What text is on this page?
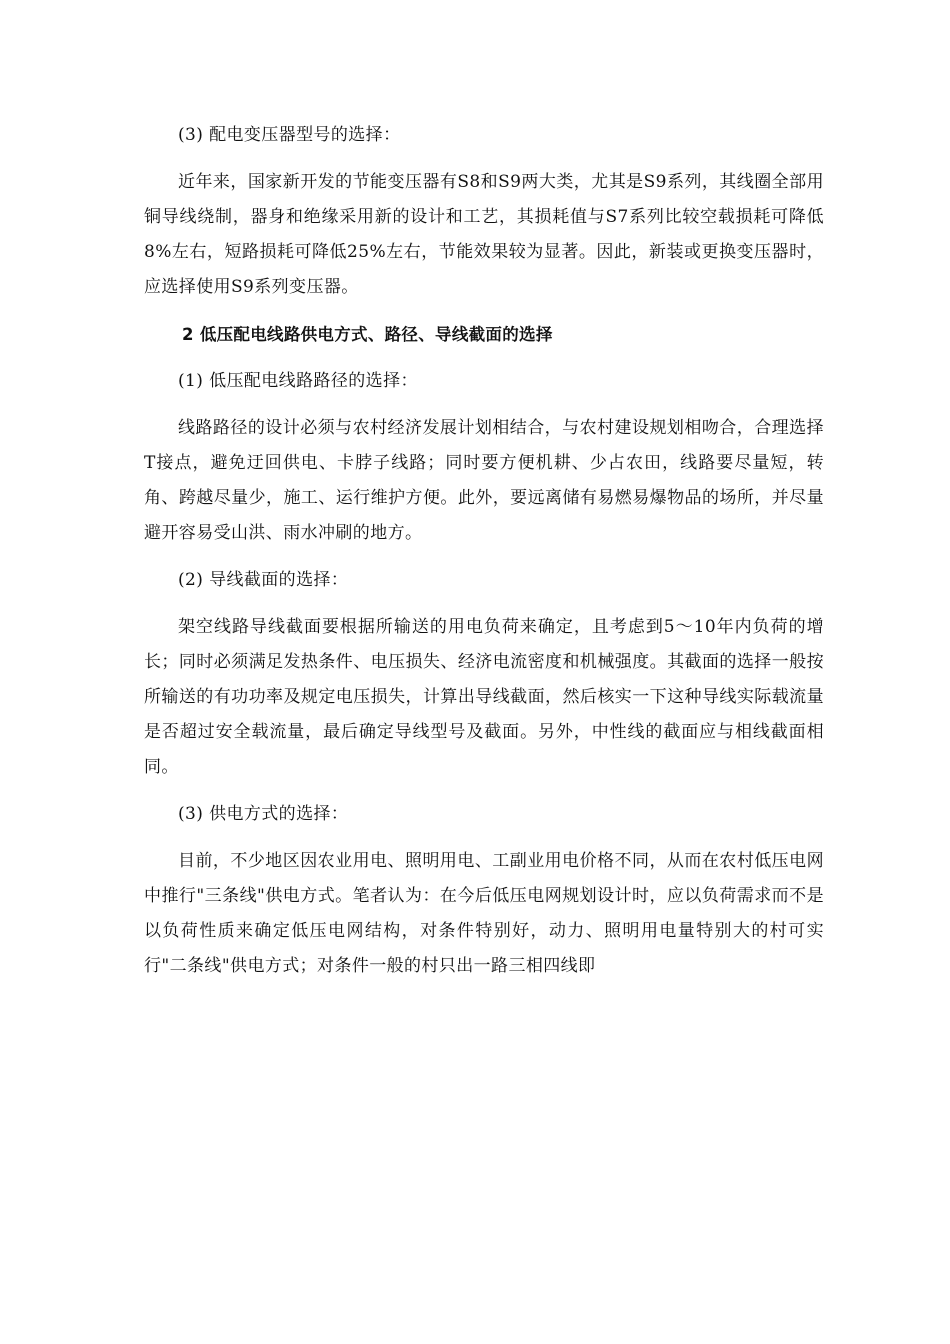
(3) 配电变压器型号的选择：

近年来，国家新开发的节能变压器有S8和S9两大类，尤其是S9系列，其线圈全部用铜导线绕制，器身和绝缘采用新的设计和工艺，其损耗值与S7系列比较空载损耗可降低8%左右，短路损耗可降低25%左右，节能效果较为显著。因此，新装或更换变压器时，应选择使用S9系列变压器。

2 低压配电线路供电方式、路径、导线截面的选择

(1) 低压配电线路路径的选择：

线路路径的设计必须与农村经济发展计划相结合，与农村建设规划相吻合，合理选择T接点，避免迂回供电、卡脖子线路；同时要方便机耕、少占农田，线路要尽量短，转角、跨越尽量少，施工、运行维护方便。此外，要远离储有易燃易爆物品的场所，并尽量避开容易受山洪、雨水冲刷的地方。

(2) 导线截面的选择：

架空线路导线截面要根据所输送的用电负荷来确定，且考虑到5～10年内负荷的增长；同时必须满足发热条件、电压损失、经济电流密度和机械强度。其截面的选择一般按所输送的有功功率及规定电压损失，计算出导线截面，然后核实一下这种导线实际载流量是否超过安全载流量，最后确定导线型号及截面。另外，中性线的截面应与相线截面相同。

(3) 供电方式的选择：

目前，不少地区因农业用电、照明用电、工副业用电价格不同，从而在农村低压电网中推行"三条线"供电方式。笔者认为：在今后低压电网规划设计时，应以负荷需求而不是以负荷性质来确定低压电网结构，对条件特别好，动力、照明用电量特别大的村可实行"二条线"供电方式；对条件一般的村只出一路三相四线即
